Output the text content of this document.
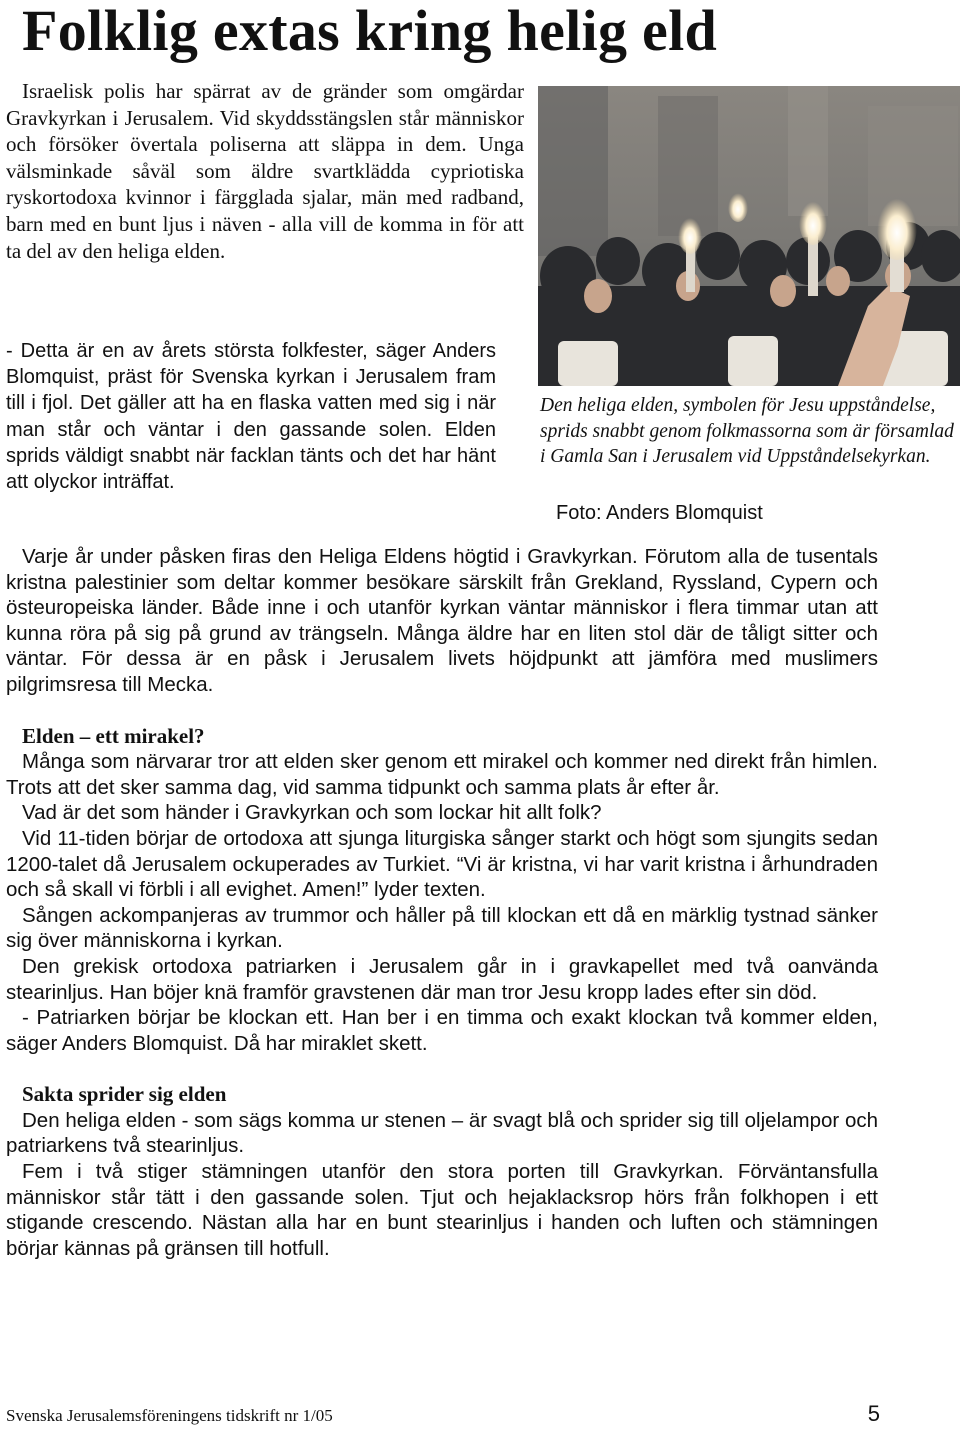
Folklig extas kring helig eld

Israelisk polis har spärrat av de gränder som omgärdar Gravkyrkan i Jerusalem. Vid skyddsstängslen står människor och försöker övertala poliserna att släppa in dem. Unga välsminkade såväl som äldre svartklädda cypriotiska ryskortodoxa kvinnor i färgglada sjalar, män med radband, barn med en bunt ljus i näven - alla vill de komma in för att ta del av den heliga elden.

- Detta är en av årets största folkfester, säger Anders Blomquist, präst för Svenska kyrkan i Jerusalem fram till i fjol. Det gäller att ha en flaska vatten med sig i när man står och väntar i den gassande solen. Elden sprids väldigt snabbt när facklan tänts och det har hänt att olyckor inträffat.

Den heliga elden, symbolen för Jesu uppståndelse, sprids snabbt genom folkmassorna som är församlad i Gamla San i Jerusalem vid Uppståndelsekyrkan.

Foto: Anders Blomquist

Varje år under påsken firas den Heliga Eldens högtid i Gravkyrkan. Förutom alla de tusentals kristna palestinier som deltar kommer besökare särskilt från Grekland, Ryssland, Cypern och östeuropeiska länder. Både inne i och utanför kyrkan väntar människor i flera timmar utan att kunna röra på sig på grund av trängseln. Många äldre har en liten stol där de tåligt sitter och väntar. För dessa är en påsk i Jerusalem livets höjdpunkt att jämföra med muslimers pilgrimsresa till Mecka.

Elden – ett mirakel?

Många som närvarar tror att elden sker genom ett mirakel och kommer ned direkt från himlen. Trots att det sker samma dag, vid samma tidpunkt och samma plats år efter år.

Vad är det som händer i Gravkyrkan och som lockar hit allt folk?

Vid 11-tiden börjar de ortodoxa att sjunga liturgiska sånger starkt och högt som sjungits sedan 1200-talet då Jerusalem ockuperades av Turkiet. “Vi är kristna, vi har varit kristna i århundraden och så skall vi förbli i all evighet. Amen!” lyder texten.

Sången ackompanjeras av trummor och håller på till klockan ett då en märklig tystnad sänker sig över människorna i kyrkan.

Den grekisk ortodoxa patriarken i Jerusalem går in i gravkapellet med två oanvända stearinljus. Han böjer knä framför gravstenen där man tror Jesu kropp lades efter sin död.

- Patriarken börjar be klockan ett. Han ber i en timma och exakt klockan två kommer elden, säger Anders Blomquist. Då har miraklet skett.

Sakta sprider sig elden

Den heliga elden - som sägs komma ur stenen – är svagt blå och sprider sig till oljelampor och patriarkens två stearinljus.

Fem i två stiger stämningen utanför den stora porten till Gravkyrkan. Förväntansfulla människor står tätt i den gassande solen. Tjut och hejaklacksrop hörs från folkhopen i ett stigande crescendo. Nästan alla har en bunt stearinljus i handen och luften och stämningen börjar kännas på gränsen till hotfull.

Svenska Jerusalemsföreningens tidskrift nr 1/05	5
